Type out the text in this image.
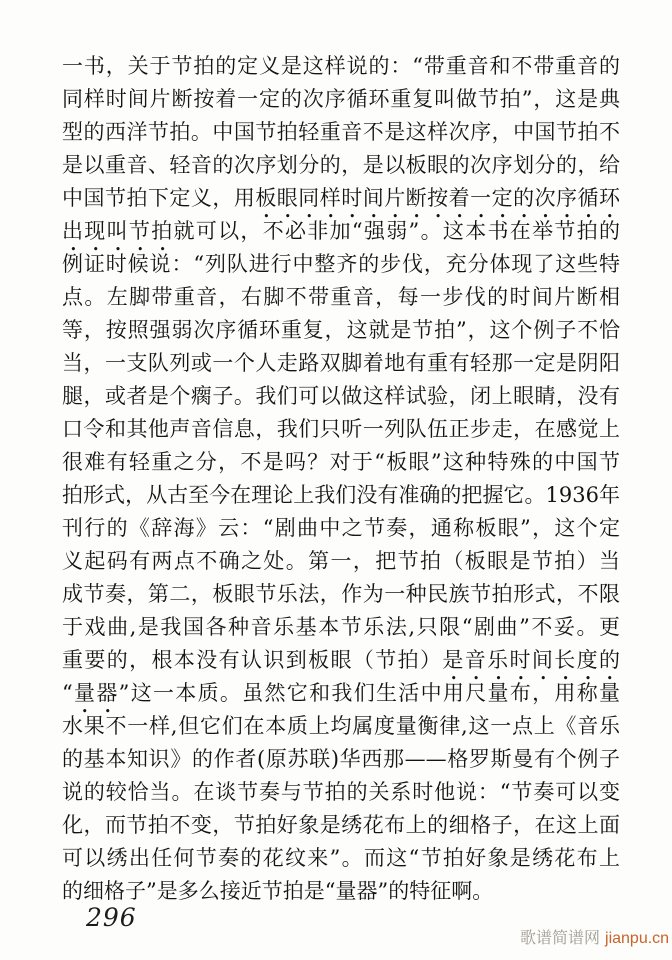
一书，关于节拍的定义是这样说的：“带重音和不带重音的
同样时间片断按着一定的次序循环重复叫做节拍”，这是典
型的西洋节拍。中国节拍轻重音不是这样次序，中国节拍不
是以重音、轻音的次序划分的，是以板眼的次序划分的，给
中国节拍下定义，用板眼同样时间片断按着一定的次序循环
出现叫节拍就可以，不必非加“强弱”。这本书在举节拍的
例证时候说：“列队进行中整齐的步伐，充分体现了这些特
点。左脚带重音，右脚不带重音，每一步伐的时间片断相
等，按照强弱次序循环重复，这就是节拍”，这个例子不恰
当，一支队列或一个人走路双脚着地有重有轻那一定是阴阳
腿，或者是个瘸子。我们可以做这样试验，闭上眼睛，没有
口令和其他声音信息，我们只听一列队伍正步走，在感觉上
很难有轻重之分，不是吗？对于“板眼”这种特殊的中国节
拍形式，从古至今在理论上我们没有准确的把握它。1936年
刊行的《辞海》云：“剧曲中之节奏，通称板眼”，这个定
义起码有两点不确之处。第一，把节拍（板眼是节拍）当
成节奏，第二，板眼节乐法，作为一种民族节拍形式，不限
于戏曲,是我国各种音乐基本节乐法,只限“剧曲”不妥。更
重要的，根本没有认识到板眼（节拍）是音乐时间长度的
“量器”这一本质。虽然它和我们生活中用尺量布，用称量
水果不一样,但它们在本质上均属度量衡律,这一点上《音乐
的基本知识》的作者(原苏联)华西那——格罗斯曼有个例子
说的较恰当。在谈节奏与节拍的关系时他说：“节奏可以变
化，而节拍不变，节拍好象是绣花布上的细格子，在这上面
可以绣出任何节奏的花纹来”。而这“节拍好象是绣花布上
的细格子”是多么接近节拍是“量器”的特征啊。
296
歌谱简谱网 jianpu.cn
